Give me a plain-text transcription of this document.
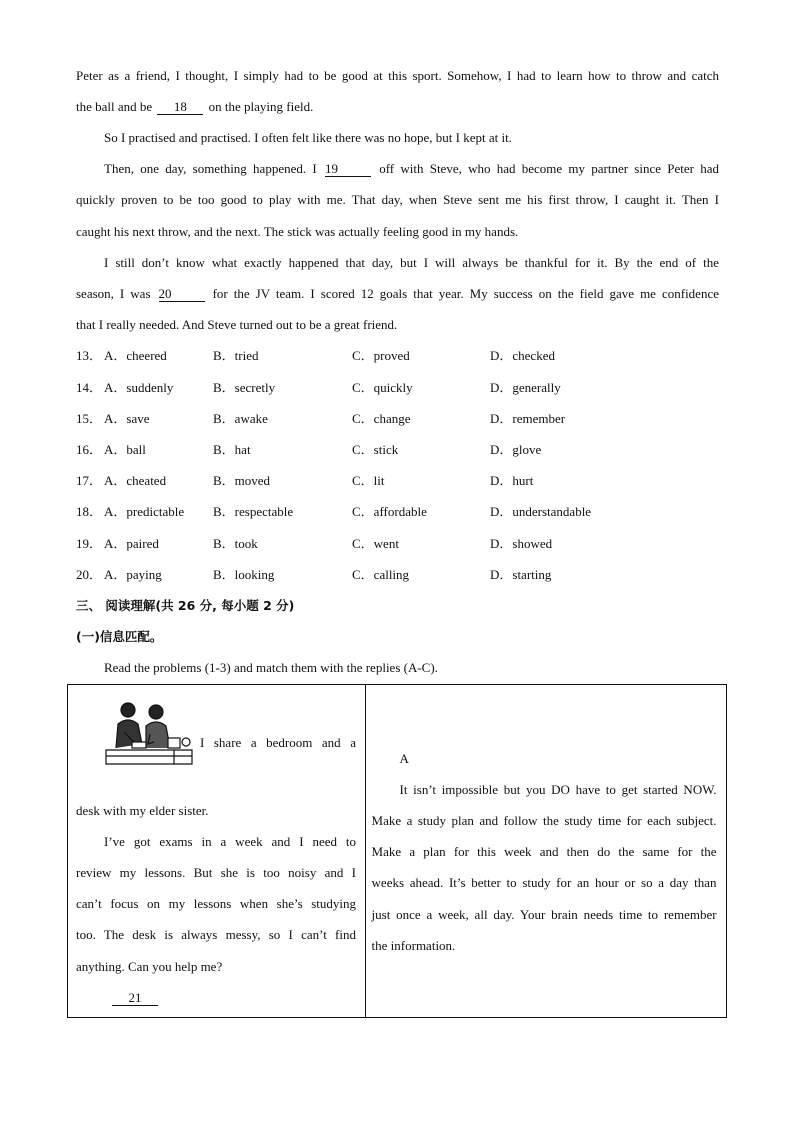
Peter as a friend, I thought, I simply had to be good at this sport. Somehow, I had to learn how to throw and catch
the ball and be 18 on the playing field.
So I practised and practised. I often felt like there was no hope, but I kept at it.
Then, one day, something happened. I 19	off with Steve, who had become my partner since Peter had
quickly proven to be too good to play with me. That day, when Steve sent me his first throw, I caught it. Then I
caught his next throw, and the next. The stick was actually feeling good in my hands.
I still don’t know what exactly happened that day, but I will always be thankful for it. By the end of the
season, I was 20	for the JV team. I scored 12 goals that year. My success on the field gave me confidence
that I really needed. And Steve turned out to be a great friend.
13． A．cheered	B．tried	C．proved	D．checked
14． A．suddenly	B．secretly	C．quickly	D．generally
15． A．save	B．awake	C．change	D．remember
16． A．ball	B．hat	C．stick	D．glove
17． A．cheated	B．moved	C．lit	D．hurt
18． A．predictable B．respectable	C．affordable	D．understandable
19． A．paired	B．took	C．went	D．showed
20． A．paying	B．looking	C．calling	D．starting
三、 阅读理解(共 26 分, 每小题 2 分)
(一)信息匹配。
Read the problems (1-3) and match them with the replies (A-C).
I share a bedroom and a
desk with my elder sister.
I’ve got exams in a week and I need to
review my lessons. But she is too noisy and I
can’t focus on my lessons when she’s studying
too. The desk is always messy, so I can’t find
anything. Can you help me?
21

A
It isn’t impossible but you DO have to get started NOW.
Make a study plan and follow the study time for each subject.
Make a plan for this week and then do the same for the
weeks ahead. It’s better to study for an hour or so a day than
just once a week, all day. Your brain needs time to remember
the information.
